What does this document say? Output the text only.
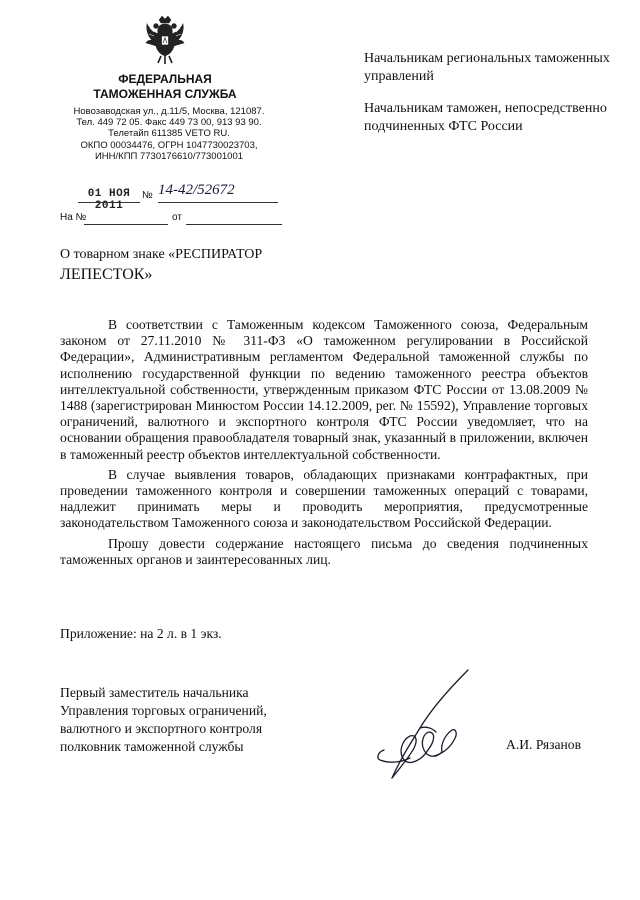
ФЕДЕРАЛЬНАЯ
ТАМОЖЕННАЯ СЛУЖБА
Новозаводская ул., д.11/5, Москва, 121087.
Тел. 449 72 05. Факс 449 73 00, 913 93 90.
Телетайп 611385 VETO RU.
ОКПО 00034476, ОГРН 1047730023703,
ИНН/КПП 7730176610/773001001
01 НОЯ 2011
№ 14-42/52672
На №	от

Начальникам региональных таможенных управлений

Начальникам таможен, непосредственно подчиненных ФТС России

О товарном знаке «РЕСПИРАТОР
ЛЕПЕСТОК»

В соответствии с Таможенным кодексом Таможенного союза, Федеральным законом от 27.11.2010 № 311-ФЗ «О таможенном регулировании в Российской Федерации», Административным регламентом Федеральной таможенной службы по исполнению государственной функции по ведению таможенного реестра объектов интеллектуальной собственности, утвержденным приказом ФТС России от 13.08.2009 № 1488 (зарегистрирован Минюстом России 14.12.2009, рег. № 15592), Управление торговых ограничений, валютного и экспортного контроля ФТС России уведомляет, что на основании обращения правообладателя товарный знак, указанный в приложении, включен в таможенный реестр объектов интеллектуальной собственности.

В случае выявления товаров, обладающих признаками контрафактных, при проведении таможенного контроля и совершении таможенных операций с товарами, надлежит принимать меры и проводить мероприятия, предусмотренные законодательством Таможенного союза и законодательством Российской Федерации.

Прошу довести содержание настоящего письма до сведения подчиненных таможенных органов и заинтересованных лиц.

Приложение: на 2 л. в 1 экз.
Первый заместитель начальника
Управления торговых ограничений,
валютного и экспортного контроля
полковник таможенной службы	А.И. Рязанов
